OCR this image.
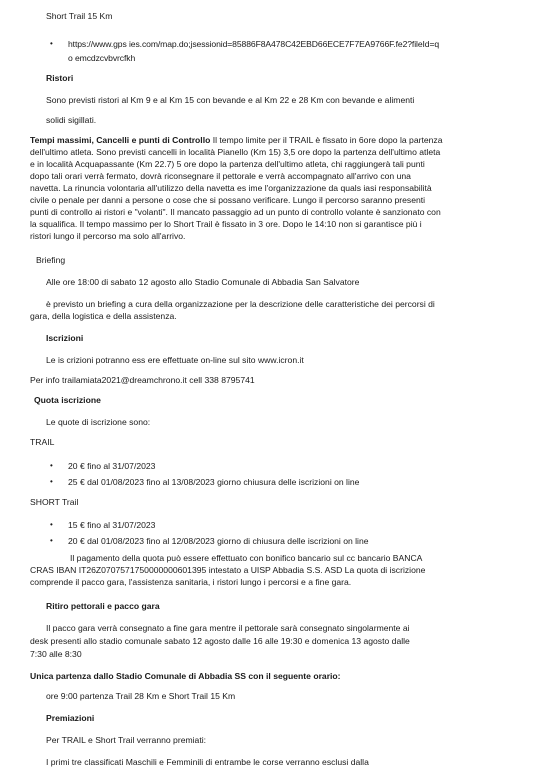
Short Trail 15 Km
• https://www.gps ies.com/map.do;jsessionid=85886F8A478C42EBD66ECE7F7EA9766F.fe2?fileId=q
o emcdzcvbvrcfkh
Ristori
Sono previsti ristori al Km 9 e al Km 15 con bevande e al Km 22 e 28 Km con bevande e alimenti
solidi sigillati.
Tempi massimi, Cancelli e punti di Controllo Il tempo limite per il TRAIL è fissato in 6ore dopo la partenza
dell'ultimo atleta. Sono previsti cancelli in località Pianello (Km 15) 3,5 ore dopo la partenza dell'ultimo atleta
e in località Acquapassante (Km 22.7) 5 ore dopo la partenza dell'ultimo atleta, chi raggiungerà tali punti
dopo tali orari verrà fermato, dovrà riconsegnare il pettorale e verrà accompagnato all'arrivo con una
navetta. La rinuncia volontaria all'utilizzo della navetta es ime l'organizzazione da quals iasi responsabilità
civile o penale per danni a persone o cose che si possano verificare. Lungo il percorso saranno presenti
punti di controllo ai ristori e "volanti". Il mancato passaggio ad un punto di controllo volante è sanzionato con
la squalifica. Il tempo massimo per lo Short Trail è fissato in 3 ore. Dopo le 14:10 non si garantisce più i
ristori lungo il percorso ma solo all'arrivo.
Briefing
Alle ore 18:00 di sabato 12 agosto allo Stadio Comunale di Abbadia San Salvatore
è previsto un briefing a cura della organizzazione per la descrizione delle caratteristiche dei percorsi di
gara, della logistica e della assistenza.
Iscrizioni
Le is crizioni potranno ess ere effettuate on-line sul sito www.icron.it
Per info trailamiata2021@dreamchrono.it cell 338 8795741
Quota iscrizione
Le quote di iscrizione sono:
TRAIL
• 20 € fino al 31/07/2023
• 25 € dal 01/08/2023 fino al 13/08/2023 giorno chiusura delle iscrizioni on line
SHORT Trail
• 15 € fino al 31/07/2023
• 20 € dal 01/08/2023 fino al 12/08/2023 giorno di chiusura delle iscrizioni on line
Il pagamento della quota può essere effettuato con bonifico bancario sul cc bancario BANCA
CRAS IBAN IT26Z0707571750000000601395 intestato a UISP Abbadia S.S. ASD La quota di iscrizione
comprende il pacco gara, l'assistenza sanitaria, i ristori lungo i percorsi e a fine gara.
Ritiro pettorali e pacco gara
Il pacco gara verrà consegnato a fine gara mentre il pettorale sarà consegnato singolarmente ai
desk presenti allo stadio comunale sabato 12 agosto dalle 16 alle 19:30 e domenica 13 agosto dalle
7:30 alle 8:30
Unica partenza dallo Stadio Comunale di Abbadia SS con il seguente orario:
ore 9:00 partenza Trail 28 Km e Short Trail 15 Km
Premiazioni
Per TRAIL e Short Trail verranno premiati:
I primi tre classificati Maschili e Femminili di entrambe le corse verranno esclusi dalla
